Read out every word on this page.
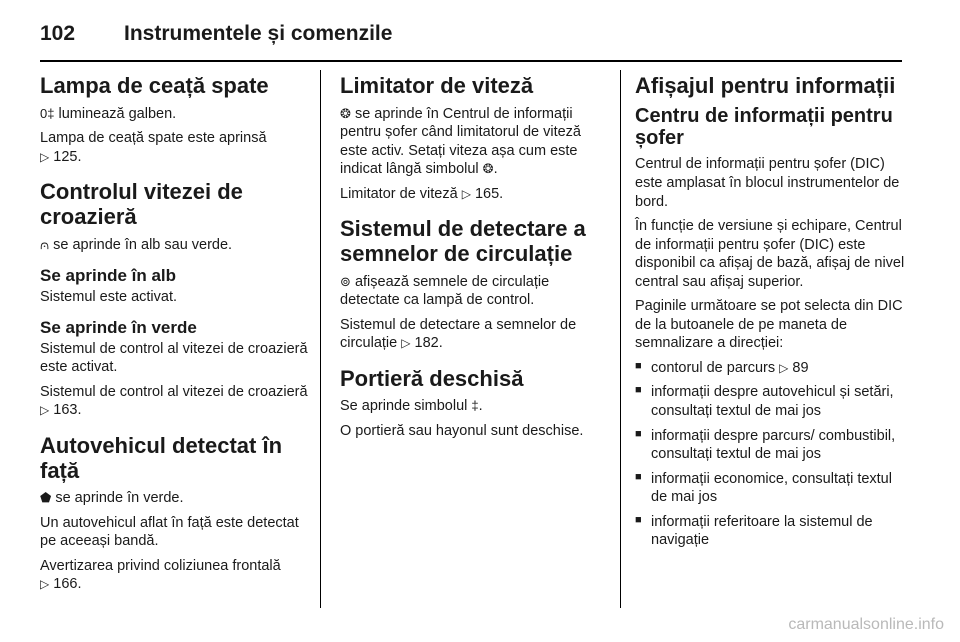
102 Instrumentele și comenzile
Lampa de ceață spate

0‡ luminează galben.

Lampa de ceață spate este aprinsă
▷ 125.

Controlul vitezei de croazieră

⩀ se aprinde în alb sau verde.

Se aprinde în alb

Sistemul este activat.

Se aprinde în verde

Sistemul de control al vitezei de croazieră este activat.

Sistemul de control al vitezei de croazieră ▷ 163.

Autovehicul detectat în față

⬟ se aprinde în verde.

Un autovehicul aflat în față este detectat pe aceeași bandă.

Avertizarea privind coliziunea frontală
▷ 166.

Limitator de viteză

❂ se aprinde în Centrul de informații pentru șofer când limitatorul de viteză este activ. Setați viteza așa cum este indicat lângă simbolul ❂.

Limitator de viteză ▷ 165.

Sistemul de detectare a semnelor de circulație

⊚ afișează semnele de circulație detectate ca lampă de control.

Sistemul de detectare a semnelor de circulație ▷ 182.

Portieră deschisă

Se aprinde simbolul ‡.

O portieră sau hayonul sunt deschise.

Afișajul pentru informații
Centru de informații pentru șofer

Centrul de informații pentru șofer (DIC) este amplasat în blocul instrumentelor de bord.

În funcție de versiune și echipare, Centrul de informații pentru șofer (DIC) este disponibil ca afișaj de bază, afișaj de nivel central sau afișaj superior.

Paginile următoare se pot selecta din DIC de la butoanele de pe maneta de semnalizare a direcției:

■ contorul de parcurs ▷ 89
■ informații despre autovehicul și setări, consultați textul de mai jos
■ informații despre parcurs/ combustibil, consultați textul de mai jos
■ informații economice, consultați textul de mai jos
■ informații referitoare la sistemul de navigație
carmanualsonline.info
